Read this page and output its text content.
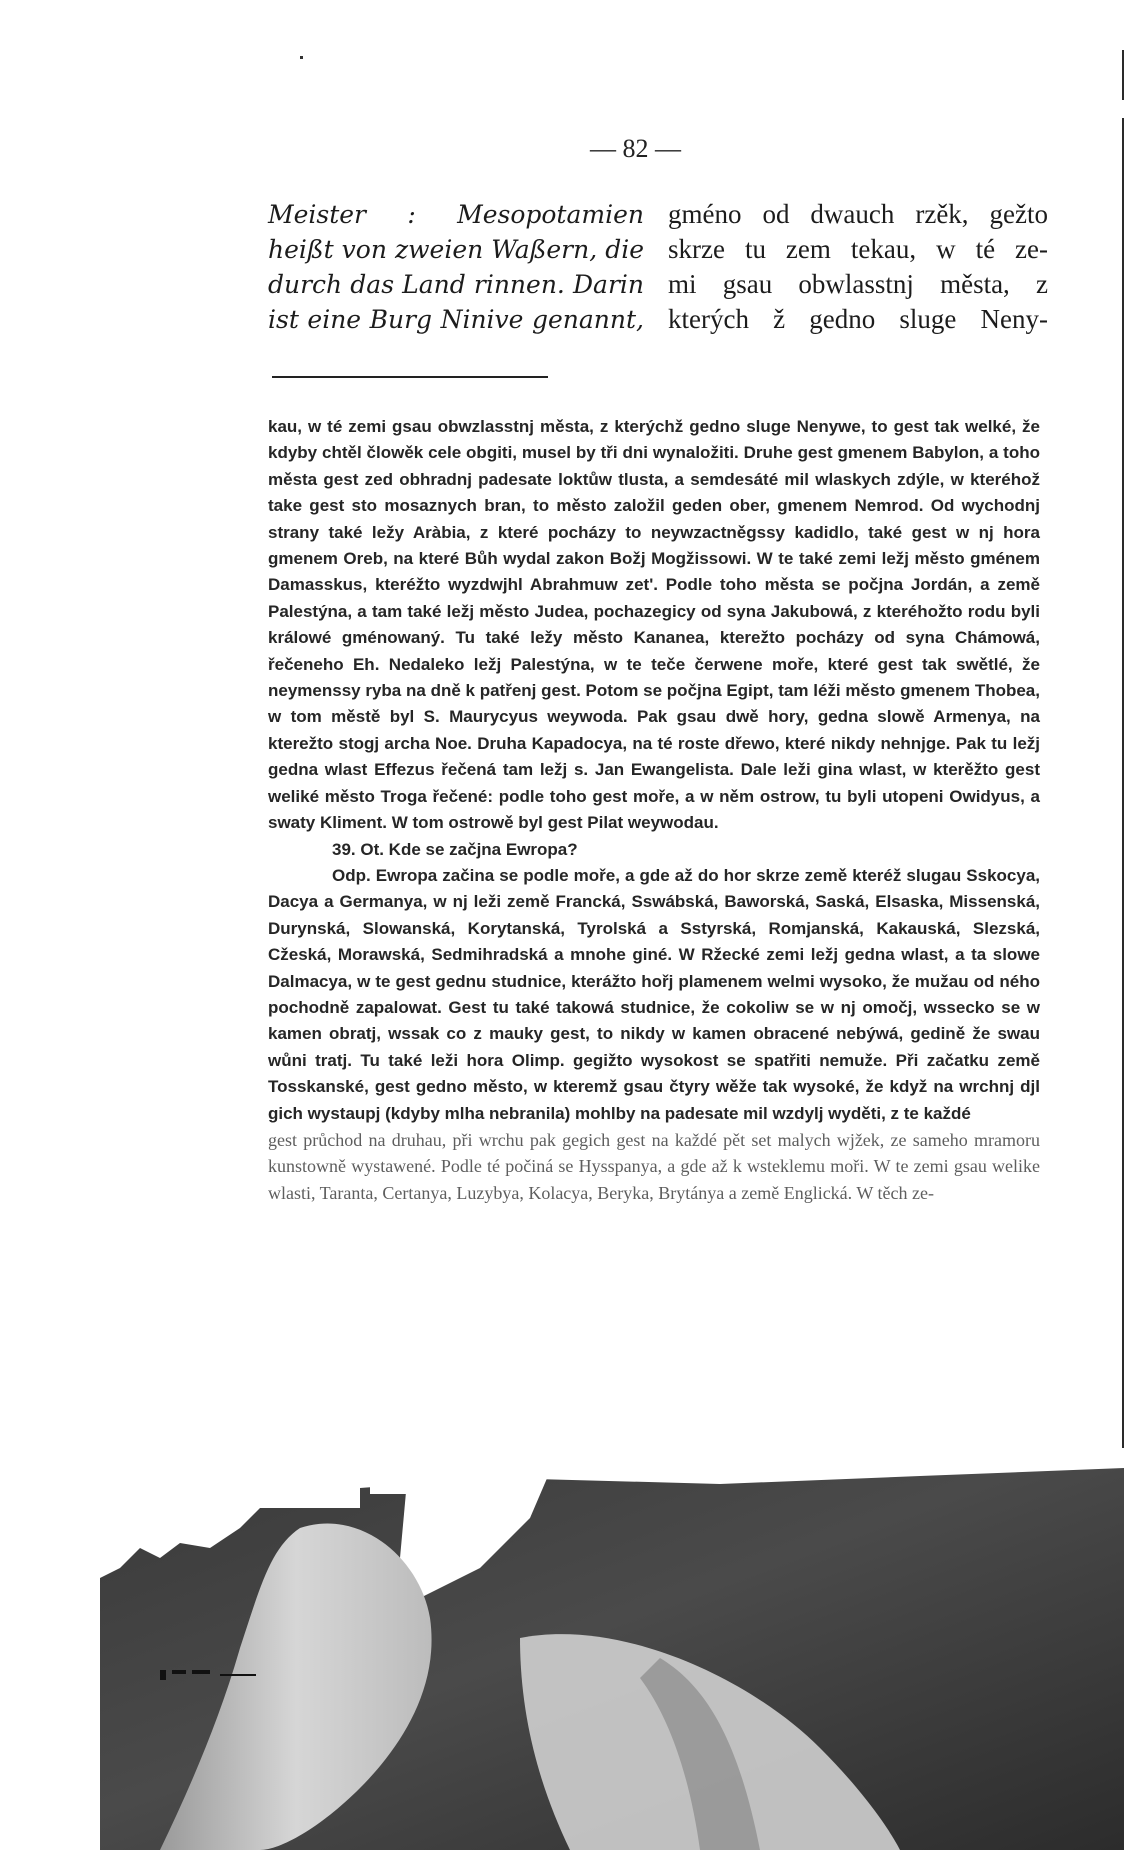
— 82 —
Meister : Mesopotamien
heißt von zweien Waßern, die
durch das Land rinnen. Darin
ist eine Burg Ninive genannt,
gméno od dwauch rzěk, gežto
skrze tu zem tekau, w té ze-
mi gsau obwlasstnj města, z
kterých ž gedno sluge Neny-

kau, w té zemi gsau obwzlasstnj města, z kterýchž gedno sluge Nenywe, to gest tak welké, že kdyby chtěl člowěk cele obgiti, musel by tři dni wynaložiti. Druhe gest gmenem Babylon, a toho města gest zed obhradnj padesate loktůw tlusta, a semdesáté mil wlaskych zdýle, w kteréhož take gest sto mosaznych bran, to město založil geden ober, gmenem Nemrod. Od wychodnj strany také ležy Aràbia, z které pocházy to neywzactněgssy kadidlo, také gest w nj hora gmenem Oreb, na které Bůh wydal zakon Božj Mogžissowi. W te také zemi ležj město gménem Damasskus, kteréžto wyzdwjhl Abrahmuw zet'. Podle toho města se počjna Jordán, a země Palestýna, a tam také ležj město Judea, pochazegicy od syna Jakubowá, z kteréhožto rodu byli králowé gménowaný. Tu také ležy město Kananea, kterežto pocházy od syna Chámowá, řečeneho Eh. Nedaleko ležj Palestýna, w te teče čerwene moře, které gest tak swětlé, že neymenssy ryba na dně k patřenj gest. Potom se počjna Egipt, tam léži město gmenem Thobea, w tom městě byl S. Maurycyus weywoda. Pak gsau dwě hory, gedna slowě Armenya, na kterežto stogj archa Noe. Druha Kapadocya, na té roste dřewo, které nikdy nehnjge. Pak tu ležj gedna wlast Effezus řečená tam ležj s. Jan Ewangelista. Dale leži gina wlast, w kterěžto gest weliké město Troga řečené: podle toho gest moře, a w něm ostrow, tu byli utopeni Owidyus, a swaty Kliment. W tom ostrowě byl gest Pilat weywodau.

39. Ot. Kde se začjna Ewropa?

Odp. Ewropa začina se podle moře, a gde až do hor skrze země kteréž slugau Sskocya, Dacya a Germanya, w nj leži země Francká, Sswábská, Baworská, Saská, Elsaska, Missenská, Durynská, Slowanská, Korytanská, Tyrolská a Sstyrská, Romjanská, Kakauská, Slezská, Cžeská, Morawská, Sedmihradská a mnohe giné. W Ržecké zemi ležj gedna wlast, a ta slowe Dalmacya, w te gest gednu studnice, kterážto hořj plamenem welmi wysoko, že mužau od ného pochodně zapalowat. Gest tu také takowá studnice, že cokoliw se w nj omočj, wssecko se w kamen obratj, wssak co z mauky gest, to nikdy w kamen obracené nebýwá, gedině že swau wůni tratj. Tu také leži hora Olimp. gegižto wysokost se spatřiti nemuže. Při začatku země Tosskanské, gest gedno město, w kteremž gsau čtyry wěže tak wysoké, že když na wrchnj djl gich wystaupj (kdyby mlha nebranila) mohlby na padesate mil wzdylj wyděti, z te každé

gest průchod na druhau, při wrchu pak gegich gest na každé pět set malych wjžek, ze sameho mramoru kunstowně wystawené. Podle té počiná se Hysspanya, a gde až k wsteklemu moři. W te zemi gsau welike wlasti, Taranta, Certanya, Luzybya, Kolacya, Beryka, Brytánya a země Englická. W těch ze-
